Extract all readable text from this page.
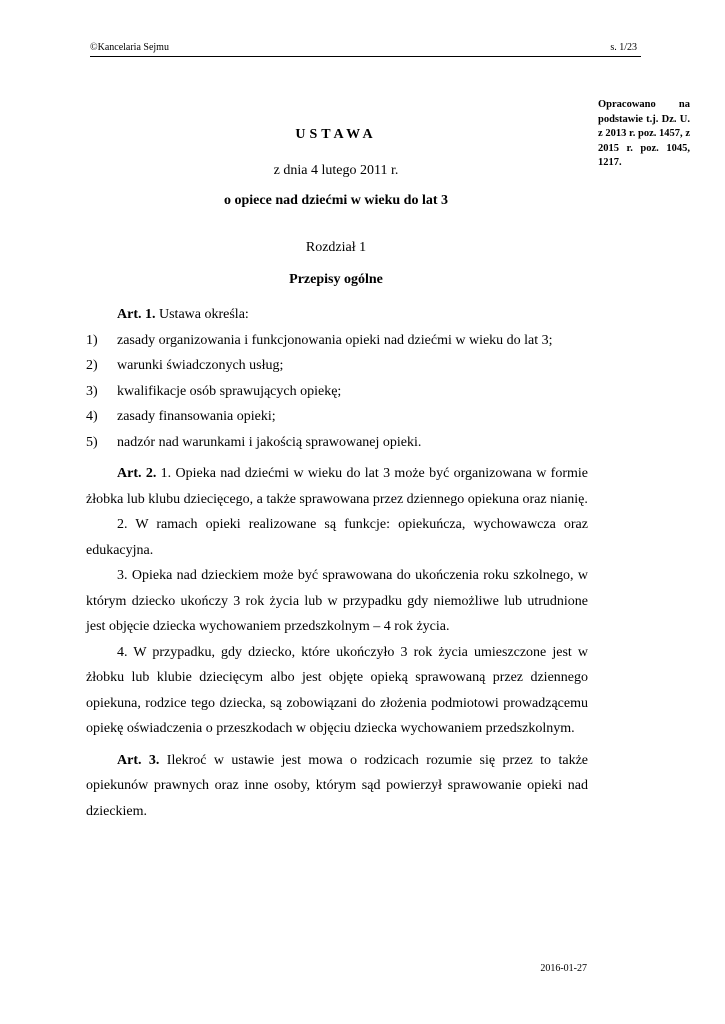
©Kancelaria Sejmu	s. 1/23
Opracowano na podstawie t.j. Dz. U. z 2013 r. poz. 1457, z 2015 r. poz. 1045, 1217.
USTAWA
z dnia 4 lutego 2011 r.
o opiece nad dziećmi w wieku do lat 3
Rozdział 1
Przepisy ogólne

Art. 1. Ustawa określa:

1) zasady organizowania i funkcjonowania opieki nad dziećmi w wieku do lat 3;

2) warunki świadczonych usług;

3) kwalifikacje osób sprawujących opiekę;

4) zasady finansowania opieki;

5) nadzór nad warunkami i jakością sprawowanej opieki.

Art. 2. 1. Opieka nad dziećmi w wieku do lat 3 może być organizowana w formie żłobka lub klubu dziecięcego, a także sprawowana przez dziennego opiekuna oraz nianię.

2. W ramach opieki realizowane są funkcje: opiekuńcza, wychowawcza oraz edukacyjna.

3. Opieka nad dzieckiem może być sprawowana do ukończenia roku szkolnego, w którym dziecko ukończy 3 rok życia lub w przypadku gdy niemożliwe lub utrudnione jest objęcie dziecka wychowaniem przedszkolnym – 4 rok życia.

4. W przypadku, gdy dziecko, które ukończyło 3 rok życia umieszczone jest w żłobku lub klubie dziecięcym albo jest objęte opieką sprawowaną przez dziennego opiekuna, rodzice tego dziecka, są zobowiązani do złożenia podmiotowi prowadzącemu opiekę oświadczenia o przeszkodach w objęciu dziecka wychowaniem przedszkolnym.

Art. 3. Ilekroć w ustawie jest mowa o rodzicach rozumie się przez to także opiekunów prawnych oraz inne osoby, którym sąd powierzył sprawowanie opieki nad dzieckiem.

2016-01-27
